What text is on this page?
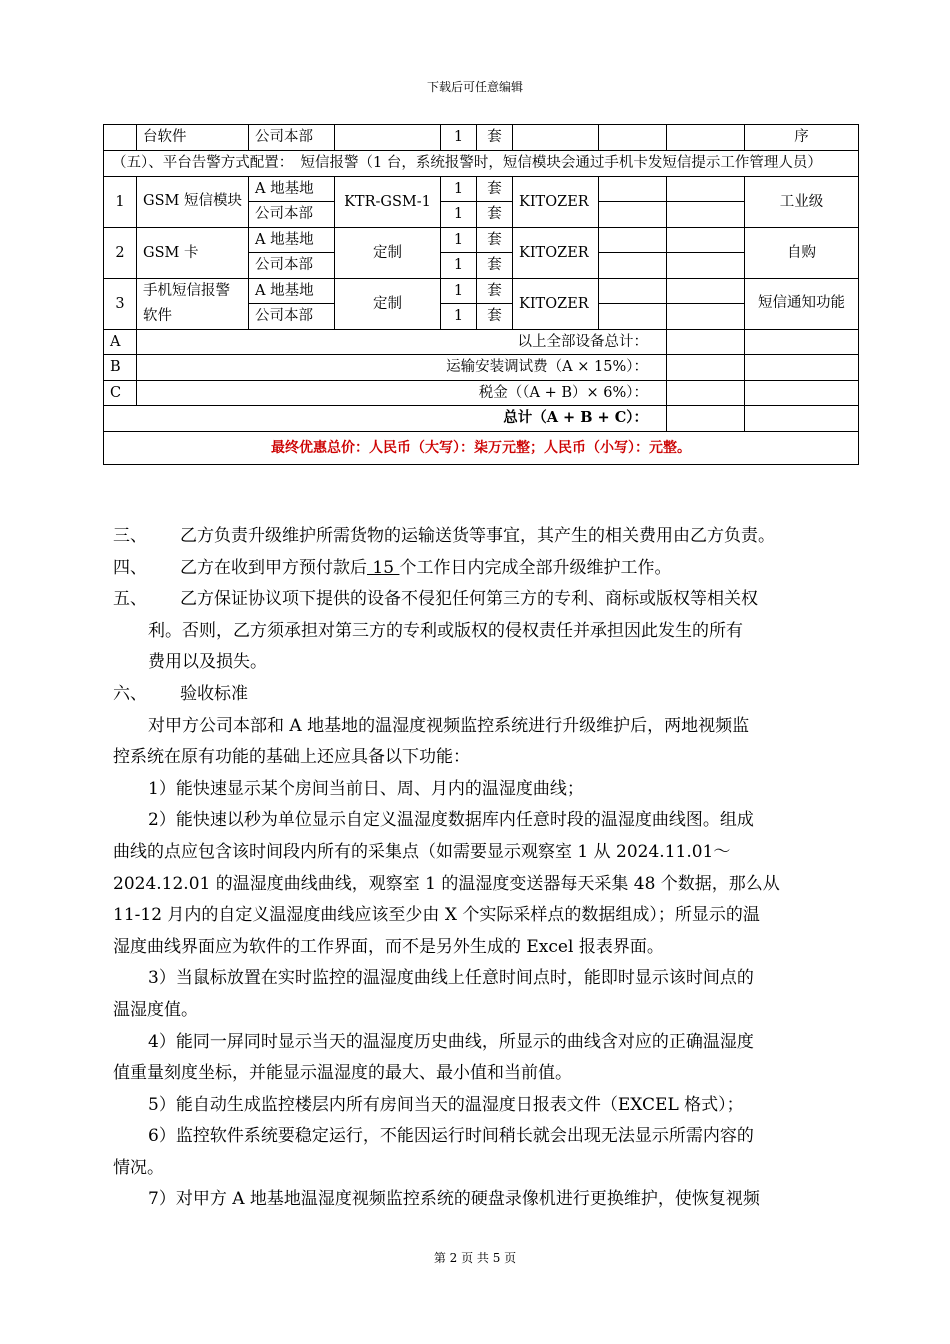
下载后可任意编辑
	台软件	公司本部		1	套				序
（五）、平台告警方式配置：　短信报警（1 台，系统报警时，短信模块会通过手机卡发短信提示工作管理人员）									
1	GSM 短信模块	A 地基地	KTR-GSM-1	1	套	KITOZER			工业级
		公司本部		1	套				
2	GSM 卡	A 地基地	定制	1	套	KITOZER			自购
		公司本部		1	套				
3	手机短信报警软件	A 地基地	定制	1	套	KITOZER			短信通知功能
		公司本部		1	套				
A	以上全部设备总计：								
B	运输安装调试费（A × 15%）：								
C	税金（（A + B）× 6%）：								
总计（A + B + C）：									
最终优惠总价：人民币（大写）：柒万元整；人民币（小写）：元整。									
三、 乙方负责升级维护所需货物的运输送货等事宜，其产生的相关费用由乙方负责。
四、 乙方在收到甲方预付款后 15 个工作日内完成全部升级维护工作。
五、 乙方保证协议项下提供的设备不侵犯任何第三方的专利、商标或版权等相关权
利。否则，乙方须承担对第三方的专利或版权的侵权责任并承担因此发生的所有
费用以及损失。
六、 验收标准
对甲方公司本部和 A 地基地的温湿度视频监控系统进行升级维护后，两地视频监
控系统在原有功能的基础上还应具备以下功能：
1）能快速显示某个房间当前日、周、月内的温湿度曲线；
2）能快速以秒为单位显示自定义温湿度数据库内任意时段的温湿度曲线图。组成
曲线的点应包含该时间段内所有的采集点（如需要显示观察室 1 从 2024.11.01～
2024.12.01 的温湿度曲线曲线，观察室 1 的温湿度变送器每天采集 48 个数据，那么从
11-12 月内的自定义温湿度曲线应该至少由 X 个实际采样点的数据组成）；所显示的温
湿度曲线界面应为软件的工作界面，而不是另外生成的 Excel 报表界面。
3）当鼠标放置在实时监控的温湿度曲线上任意时间点时，能即时显示该时间点的
温湿度值。
4）能同一屏同时显示当天的温湿度历史曲线，所显示的曲线含对应的正确温湿度
值重量刻度坐标，并能显示温湿度的最大、最小值和当前值。
5）能自动生成监控楼层内所有房间当天的温湿度日报表文件（EXCEL 格式）；
6）监控软件系统要稳定运行，不能因运行时间稍长就会出现无法显示所需内容的
情况。
7）对甲方 A 地基地温湿度视频监控系统的硬盘录像机进行更换维护，使恢复视频
第 2 页 共 5 页
